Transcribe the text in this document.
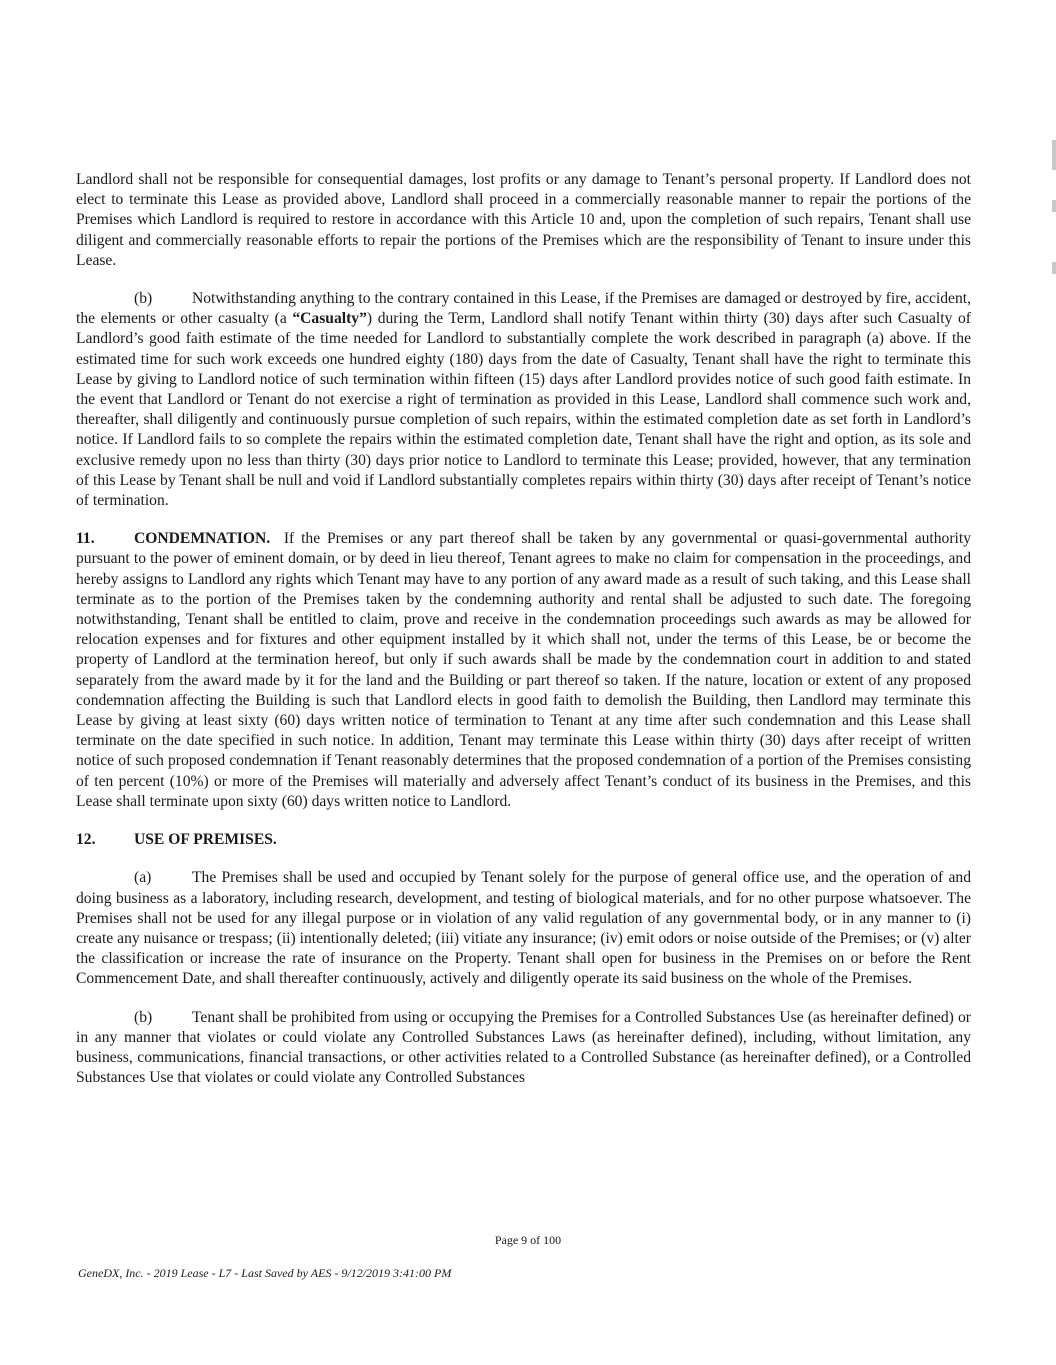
Landlord shall not be responsible for consequential damages, lost profits or any damage to Tenant’s personal property. If Landlord does not elect to terminate this Lease as provided above, Landlord shall proceed in a commercially reasonable manner to repair the portions of the Premises which Landlord is required to restore in accordance with this Article 10 and, upon the completion of such repairs, Tenant shall use diligent and commercially reasonable efforts to repair the portions of the Premises which are the responsibility of Tenant to insure under this Lease.

(b)	Notwithstanding anything to the contrary contained in this Lease, if the Premises are damaged or destroyed by fire, accident, the elements or other casualty (a “Casualty”) during the Term, Landlord shall notify Tenant within thirty (30) days after such Casualty of Landlord’s good faith estimate of the time needed for Landlord to substantially complete the work described in paragraph (a) above. If the estimated time for such work exceeds one hundred eighty (180) days from the date of Casualty, Tenant shall have the right to terminate this Lease by giving to Landlord notice of such termination within fifteen (15) days after Landlord provides notice of such good faith estimate. In the event that Landlord or Tenant do not exercise a right of termination as provided in this Lease, Landlord shall commence such work and, thereafter, shall diligently and continuously pursue completion of such repairs, within the estimated completion date as set forth in Landlord’s notice. If Landlord fails to so complete the repairs within the estimated completion date, Tenant shall have the right and option, as its sole and exclusive remedy upon no less than thirty (30) days prior notice to Landlord to terminate this Lease; provided, however, that any termination of this Lease by Tenant shall be null and void if Landlord substantially completes repairs within thirty (30) days after receipt of Tenant’s notice of termination.

11.	CONDEMNATION. If the Premises or any part thereof shall be taken by any governmental or quasi-governmental authority pursuant to the power of eminent domain, or by deed in lieu thereof, Tenant agrees to make no claim for compensation in the proceedings, and hereby assigns to Landlord any rights which Tenant may have to any portion of any award made as a result of such taking, and this Lease shall terminate as to the portion of the Premises taken by the condemning authority and rental shall be adjusted to such date. The foregoing notwithstanding, Tenant shall be entitled to claim, prove and receive in the condemnation proceedings such awards as may be allowed for relocation expenses and for fixtures and other equipment installed by it which shall not, under the terms of this Lease, be or become the property of Landlord at the termination hereof, but only if such awards shall be made by the condemnation court in addition to and stated separately from the award made by it for the land and the Building or part thereof so taken. If the nature, location or extent of any proposed condemnation affecting the Building is such that Landlord elects in good faith to demolish the Building, then Landlord may terminate this Lease by giving at least sixty (60) days written notice of termination to Tenant at any time after such condemnation and this Lease shall terminate on the date specified in such notice. In addition, Tenant may terminate this Lease within thirty (30) days after receipt of written notice of such proposed condemnation if Tenant reasonably determines that the proposed condemnation of a portion of the Premises consisting of ten percent (10%) or more of the Premises will materially and adversely affect Tenant’s conduct of its business in the Premises, and this Lease shall terminate upon sixty (60) days written notice to Landlord.

12. USE OF PREMISES.

(a)	The Premises shall be used and occupied by Tenant solely for the purpose of general office use, and the operation of and doing business as a laboratory, including research, development, and testing of biological materials, and for no other purpose whatsoever. The Premises shall not be used for any illegal purpose or in violation of any valid regulation of any governmental body, or in any manner to (i) create any nuisance or trespass; (ii) intentionally deleted; (iii) vitiate any insurance; (iv) emit odors or noise outside of the Premises; or (v) alter the classification or increase the rate of insurance on the Property. Tenant shall open for business in the Premises on or before the Rent Commencement Date, and shall thereafter continuously, actively and diligently operate its said business on the whole of the Premises.

(b)	Tenant shall be prohibited from using or occupying the Premises for a Controlled Substances Use (as hereinafter defined) or in any manner that violates or could violate any Controlled Substances Laws (as hereinafter defined), including, without limitation, any business, communications, financial transactions, or other activities related to a Controlled Substance (as hereinafter defined), or a Controlled Substances Use that violates or could violate any Controlled Substances

Page 9 of 100
GeneDX, Inc. - 2019 Lease - L7 - Last Saved by AES - 9/12/2019 3:41:00 PM
